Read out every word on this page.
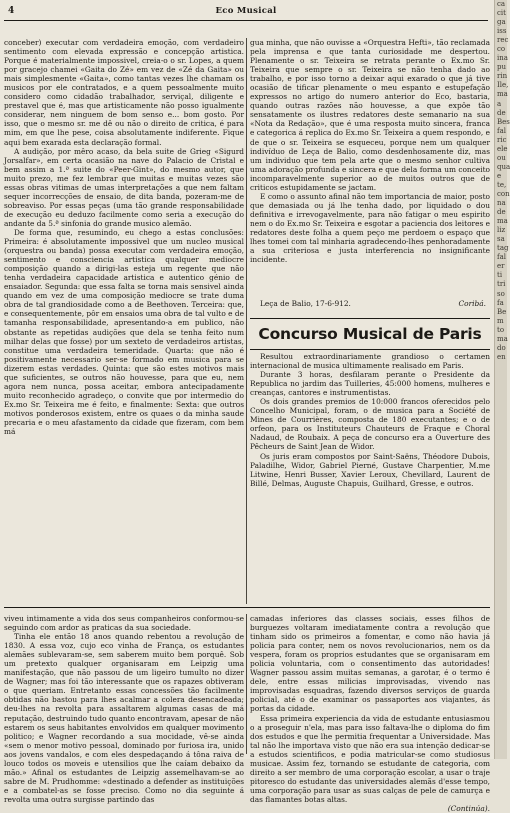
4	Eco Musical

conceber) executar com verdadeira emoção, com verdadeiro sentimento com elevada expressão e concepção artistica. Porque é materialmente impossivel, creia-o o sr. Lopes, a quem por gracejo chamei «Gaita do Zé» em vez de «Zé da Gaita» ou mais simplesmente «Gaita», como tantas vezes lhe chamam os musicos por ele contratados, e a quem pessoalmente muito considero como cidadão trabalhador, serviçal, diligente e prestavel que é, mas que artisticamente não posso igualmente considerar, nem ninguem de bom senso e... bom gosto. Por isso, que o mesmo sr. me dê ou não o direito de critica, é para mim, em que lhe pese, coisa absolutamente indiferente. Fique aqui bem exarada esta declaração formal.

A audição, por mêro acaso, da bela suite de Grieg «Sigurd Jorsalfar», em certa ocasião na nave do Palacio de Cristal e bem assim a 1.ª suite do «Peer-Gint», do mesmo autor, que muito prezo, me fez lembrar que muitas e muitas vezes são essas obras vitimas de umas interpretações a que nem faltam sequer incorrecções de ensaio, de dita banda, pozeram-me de sobreaviso. Por essas peças (uma tão grande responsabilidade de execução eu deduzo facilmente como seria a execução do andante da 5.ª sinfonia do grande musico alemão.

De forma que, resumindo, eu chego a estas conclusões: Primeira: é absolutamente impossivel que um nucleo musical (orquestra ou banda) possa executar com verdadeira emoção, sentimento e consciencia artistica qualquer mediocre composição quando a dirigi-las esteja um regente que não tenha verdadeira capacidade artistica e autentico génio de ensaiador. Segunda: que essa falta se torna mais sensivel ainda quando em vez de uma composição mediocre se trate duma obra de tal grandiosidade como a de Beethoven. Terceira: que, e consequentemente, pôr em ensaios uma obra de tal vulto e de tamanha responsabilidade, apresentando-a em publico, não obstante as repetidas audições que dela se tenha feito num milhar delas que fosse) por um sexteto de verdadeiros artistas, constitue uma verdadeira temeridade. Quarta: que não é positivamente necessario ser-se formado em musica para se dizerem estas verdades. Quinta: que são estes motivos mais que suficientes, se outros não houvesse, para que eu, nem agora nem nunca, possa aceitar, embora antecipadamente muito reconhecido agradeço, o convite que por intermedio do Ex.mo Sr. Teixeira me é feito, e finalmente: Sexta: que outros motivos ponderosos existem, entre os quaes o da minha saude precaria e o meu afastamento da cidade que fizeram, com bem má

gua minha, que não ouvisse a «Orquestra Hefti», tão reclamada pela imprensa e que tanta curiosidade me despertou. Plenamente o sr. Teixeira se retrata perante o Ex.mo Sr. Teixeira que sempre o sr. Teixeira se não tenha dado ao trabalho, e por isso torno a deixar aqui exarado o que já tive ocasião de tificar plenamente o meu espanto e estupefação expressos no artigo do numero anterior do Eco, bastaria, quando outras razões não houvesse, a que expôe tão sensatamente os ilustres redatores deste semanario na sua «Nota da Redação», que é uma resposta muito sincera, franca e categorica á replica do Ex.mo Sr. Teixeira a quem respondo, e de que o sr. Teixeira se esqueceu, porque nem um qualquer indivíduo de Leça de Balio, como desdenhosamente diz, mas um individuo que tem pela arte que o mesmo senhor cultiva uma adoração profunda e sincera e que dela forma um conceito incomparavelmente superior ao de muitos outros que de criticos estupidamente se jactam.

E como o assunto afinal não tem importancia de maior, posto que demasiada ou já lhe tenha dado, por liquidado o dou definitiva e irrevogavelmente, para não fatigar o meu espirito nem o do Ex.mo Sr. Teixeira e esgotar a paciencia dos leitores e redatores deste folha a quem peço me perdoem o espaço que lhes tomei com tal minharia agradecendo-lhes penhoradamente a sua criteriosa e justa interferencia no insignificante incidente.

Leça de Balio, 17-6-912.	Coribá.
Concurso Musical de Paris

Resultou extraordinariamente grandioso o certamen internacional de musica ultimamente realisado em Paris.

Durante 3 horas, desfilaram perante o Presidente da Republica no jardim das Tuilleries, 45:000 homens, mulheres e creanças, cantores e instrumentistas.

Os dois grandes premios de 10:000 francos oferecidos pelo Concelho Municipal, foram, o de musica para a Société de Mines de Courrières, composta de 180 executantes; e o de orfeon, para os Instituteurs Chauteurs de Fraque e Choral Nadaud, de Roubaix. A peça de concurso era a Ouverture des Pêcheurs de Saint Jean de Widor.

Os juris eram compostos por Saint-Saëns, Théodore Dubois, Paladilhe, Widor, Gabriel Pierné, Gustave Charpentier, M.me Litwine, Henri Busser, Xavier Leroux, Chevillard, Laurent de Billé, Delmas, Auguste Chapuis, Guilhard, Gresse, e outros.

viveu intimamente a vida dos seus companheiros conformou-se seguindo com ardor as praticas da sua sociedade.

Tinha ele então 18 anos quando rebentou a revolução de 1830. A essa voz, cujo eco vinha de França, os estudantes alemães sublevaram-se, sem saberem muito bem porquê. Sob um pretexto qualquer organisaram em Leipzig uma manifestação, que não passou de um ligeiro tumulto no dizer de Wagner; mas foi tão interessante que os rapazes obtiveram o que queriam. Entretanto essas concessões tão facilmente obtidas não bastou para lhes acalmar a colera desencadeada; deu-lhes na revolta para assaltarem algumas casas de má reputação, destruindo tudo quanto encontravam, apesar de não estarem os seus habitantes envolvidos em qualquer movimento politico; e Wagner recordando a sua mocidade, vê-se ainda «sem o menor motivo pessoal, dominado por furiosa ira, unido aos jovens vandalos, e com eles despedaçando á tôna raiva de louco todos os moveis e utensilios que lhe caíam debaixo da mão.» Afinal os estudantes de Leipzig assemelhavam-se ao sabre de M. Prudhomme: «destinado a defender as instituições e a combatel-as se fosse preciso. Como no dia seguinte á revolta uma outra surgisse partindo das

camadas inferiores das classes sociais, esses filhos de burguezes voltaram imediatamente contra a revolução que tinham sido os primeiros a fomentar, e como não havia já policia para conter, nem os novos revolucionarios, nem os da vespera, foram os proprios estudantes que se organisaram em policia voluntaria, com o consentimento das autoridades! Wagner passou assim muitas semanas, a garotar, é o termo é dele, entre essas milicias improvisadas, vivendo nas improvisadas esquadras, fazendo diversos serviços de guarda policial, até o de examinar os passaportes aos viajantes, ás portas da cidade.

Essa primeira experiencia da vida de estudante entusiasmou o a proseguir n'ela, mas para isso faltava-lhe o diploma do fim dos estudos e que lhe permitia frequentar a Universidade. Mas tal não lhe importava visto que não era sua intenção dedicar-se a estudos scientificos, e podia matricular-se como studiosus musicae. Assim fez, tornando se estudante de categoria, com direito a ser membro de uma corporação escolar, a usar o traje pitoresco do estudante das universidades alemãs d'esse tempo, uma corporação para usar as suas calças de pele de camurça e das flamantes botas altas.

(Continúa).
ca
cit
ga
iss
rec
co
ina
pu
rin
Ile,
ma
a
de
Bes
fal
ric
ele
ou
qua
e
te,
con
na
de
ma
liz
sa
tag
fal
er
ti
tri
so
fa
Be
m
to
ma
do
en
